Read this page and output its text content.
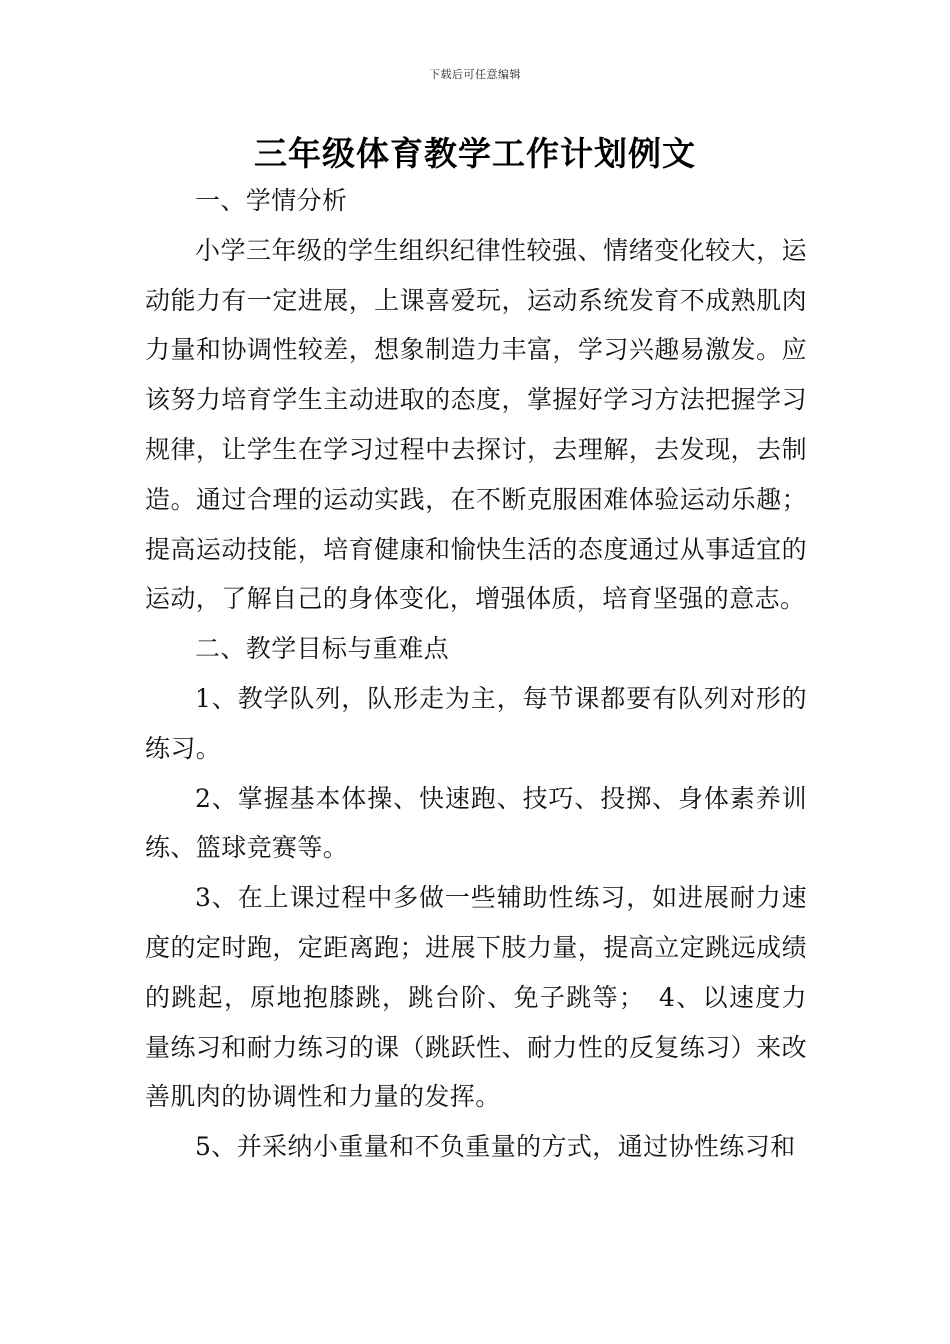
下载后可任意编辑
三年级体育教学工作计划例文

一、学情分析

小学三年级的学生组织纪律性较强、情绪变化较大，运动能力有一定进展，上课喜爱玩，运动系统发育不成熟肌肉力量和协调性较差，想象制造力丰富，学习兴趣易激发。应该努力培育学生主动进取的态度，掌握好学习方法把握学习规律，让学生在学习过程中去探讨，去理解，去发现，去制造。通过合理的运动实践，在不断克服困难体验运动乐趣；提高运动技能，培育健康和愉快生活的态度通过从事适宜的运动，了解自己的身体变化，增强体质，培育坚强的意志。

二、教学目标与重难点

1、教学队列，队形走为主，每节课都要有队列对形的练习。

2、掌握基本体操、快速跑、技巧、投掷、身体素养训练、篮球竞赛等。

3、在上课过程中多做一些辅助性练习，如进展耐力速度的定时跑，定距离跑；进展下肢力量，提高立定跳远成绩的跳起，原地抱膝跳，跳台阶、免子跳等；　4、以速度力量练习和耐力练习的课（跳跃性、耐力性的反复练习）来改善肌肉的协调性和力量的发挥。

5、并采纳小重量和不负重量的方式，通过协性练习和
